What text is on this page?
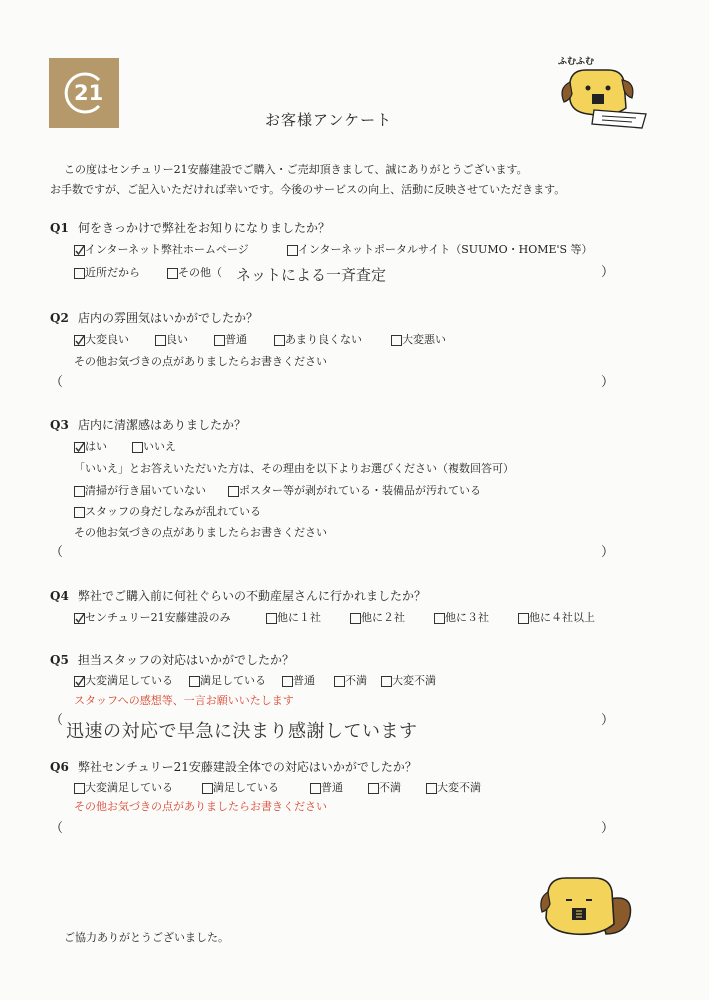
21
ふむふむ
お客様アンケート
この度はセンチュリー21安藤建設でご購入・ご売却頂きまして、誠にありがとうございます。
お手数ですが、ご記入いただければ幸いです。今後のサービスの向上、活動に反映させていただきます。
Q1 何をきっかけで弊社をお知りになりましたか？
インターネット弊社ホームページ	インターネットポータルサイト（SUUMO・HOME'S 等）
近所だから	その他（ ネットによる一斉査定	）
Q2 店内の雰囲気はいかがでしたか？
大変良い	良い	普通	あまり良くない	大変悪い
その他お気づきの点がありましたらお書きください
（	）
Q3 店内に清潔感はありましたか？
はい	いいえ
「いいえ」とお答えいただいた方は、その理由を以下よりお選びください（複数回答可）
清掃が行き届いていない	ポスター等が剥がれている・装備品が汚れている
スタッフの身だしなみが乱れている
その他お気づきの点がありましたらお書きください
（	）
Q4 弊社でご購入前に何社ぐらいの不動産屋さんに行かれましたか？
センチュリー21安藤建設のみ	他に１社	他に２社	他に３社	他に４社以上
Q5 担当スタッフの対応はいかがでしたか？
大変満足している 満足している 普通	不満 大変不満
スタッフへの感想等、一言お願いいたします
（
迅速の対応で早急に決まり感謝しています
）
Q6 弊社センチュリー21安藤建設全体での対応はいかがでしたか？
大変満足している	満足している	普通	不満	大変不満
その他お気づきの点がありましたらお書きください
（	）
ご協力ありがとうございました。
